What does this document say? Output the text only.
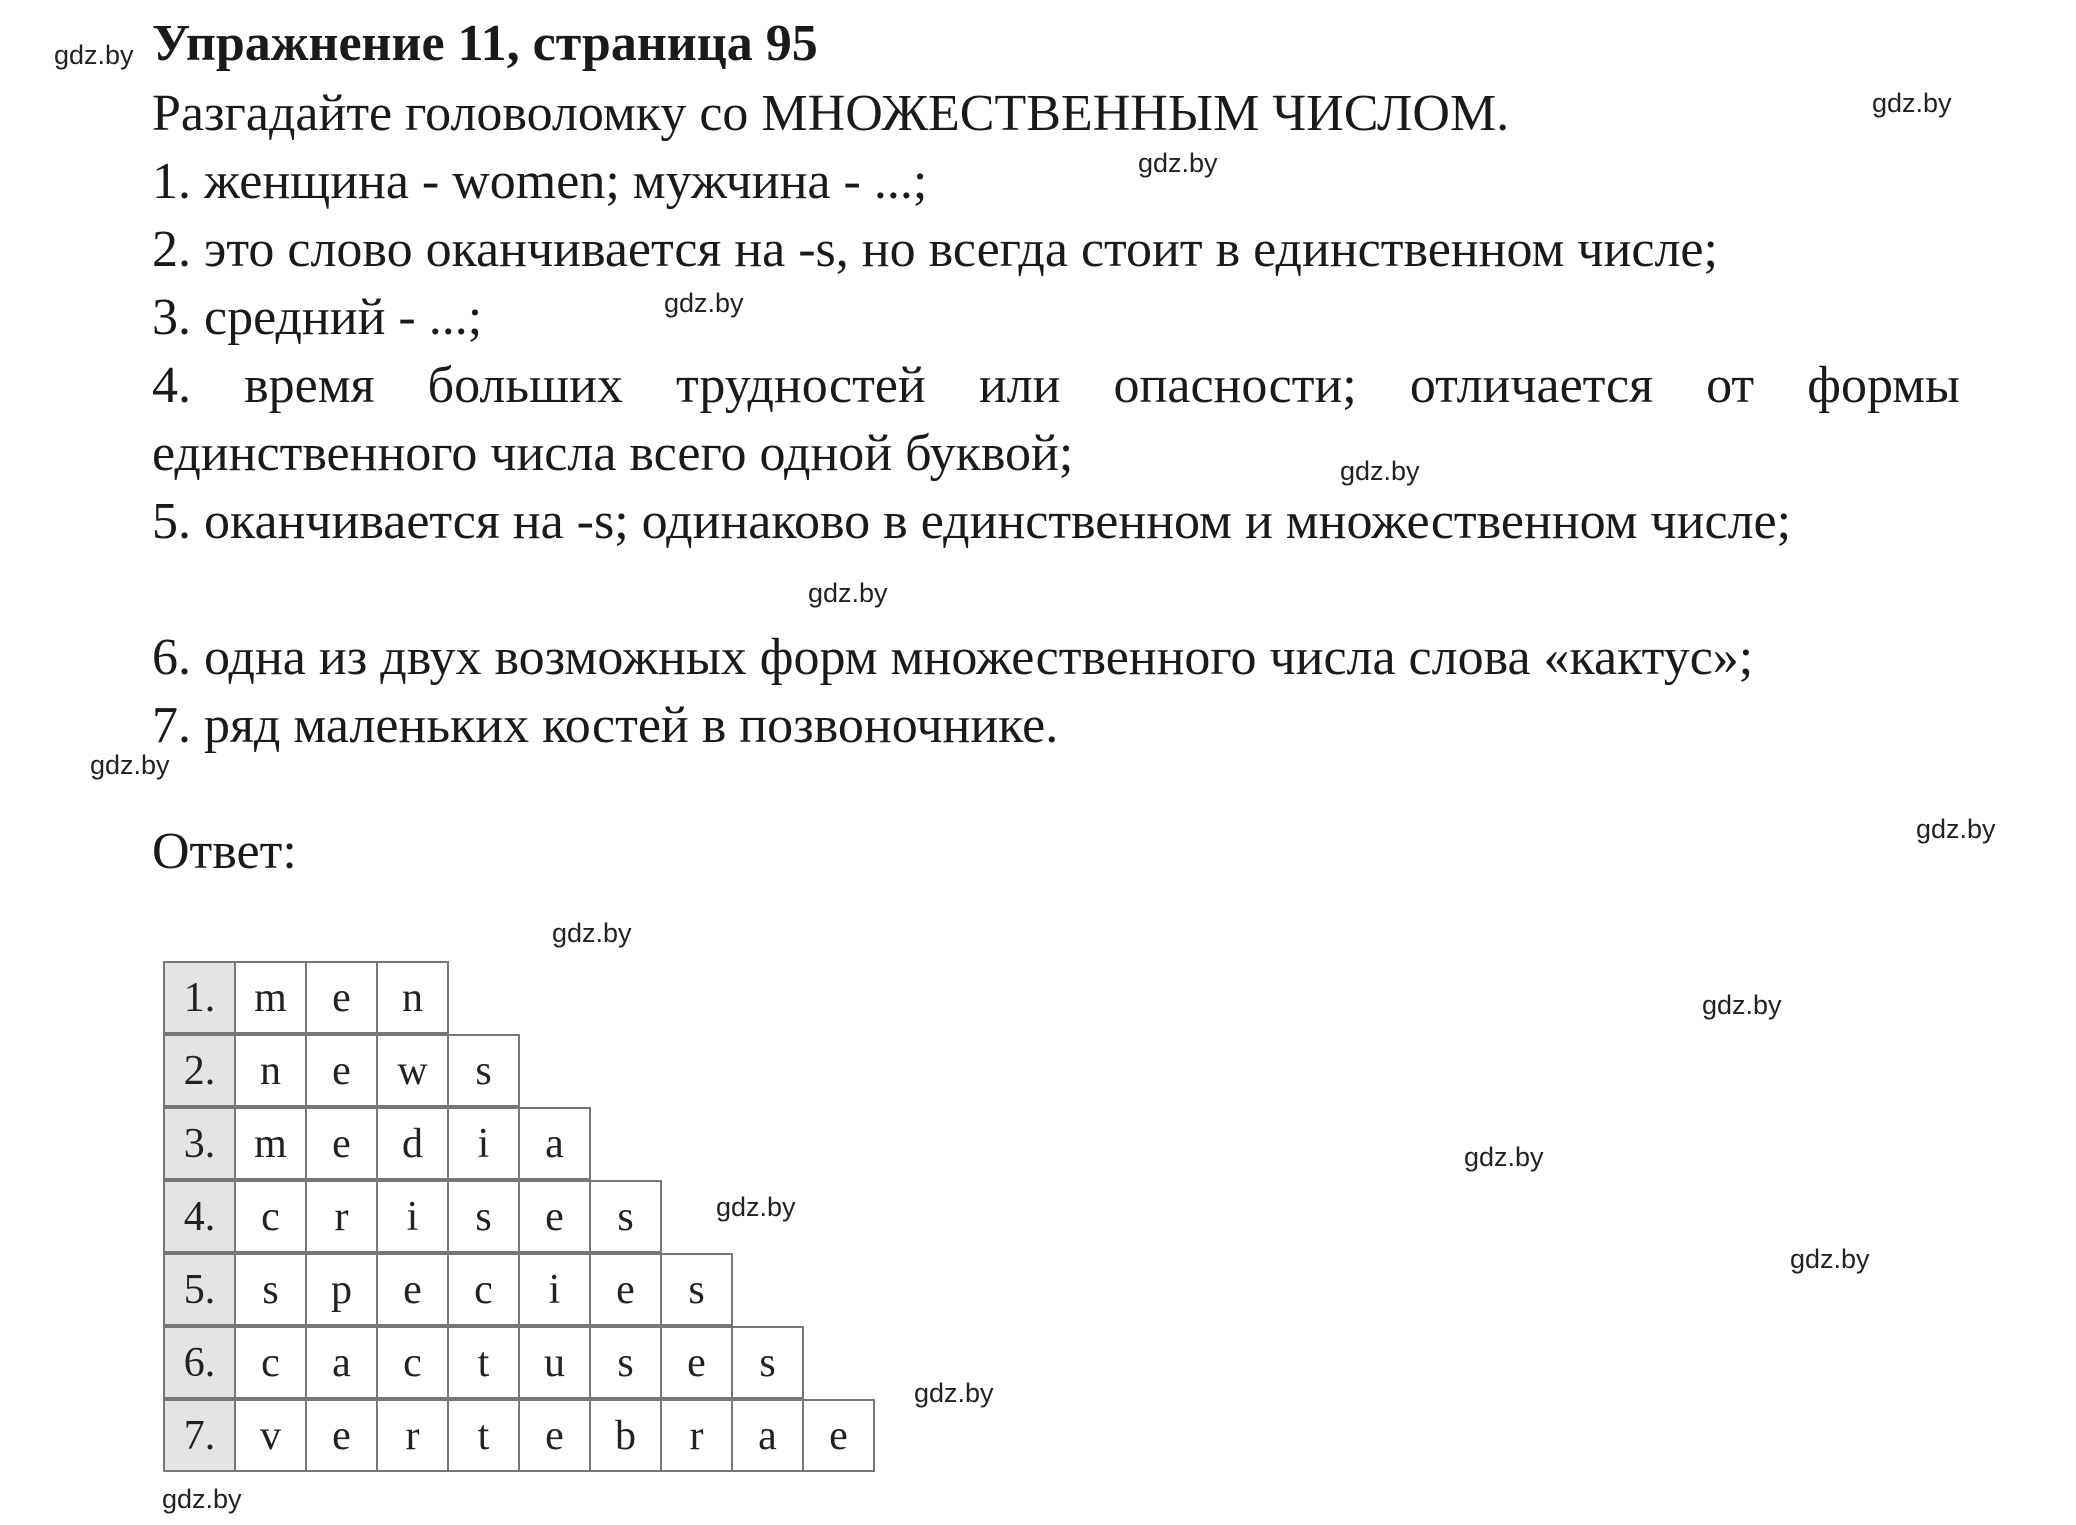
gdz.by
gdz.by
gdz.by
gdz.by
gdz.by
gdz.by
gdz.by
gdz.by
gdz.by
gdz.by
gdz.by
gdz.by
gdz.by
gdz.by
gdz.by
Упражнение 11, страница 95
Разгадайте головоломку со МНОЖЕСТВЕННЫМ ЧИСЛОМ.
1. женщина - women; мужчина - ...;
2. это слово оканчивается на -s, но всегда стоит в единственном числе;
3. средний - ...;
4. время больших трудностей или опасности; отличается от формы единственного числа всего одной буквой;
5. оканчивается на -s; одинаково в единственном и множественном числе;
6. одна из двух возможных форм множественного числа слова «кактус»;
7. ряд маленьких костей в позвоночнике.
Ответ:
1. m	e	n
2.	n	e	w	s
3. m	e	d	i	a
4.	c	r	i	s	e	s
5.	s	p	e	c	i	e	s
6.	c	a	c	t	u	s	e	s
7.	v	e	r	t	e	b	r	a	e
